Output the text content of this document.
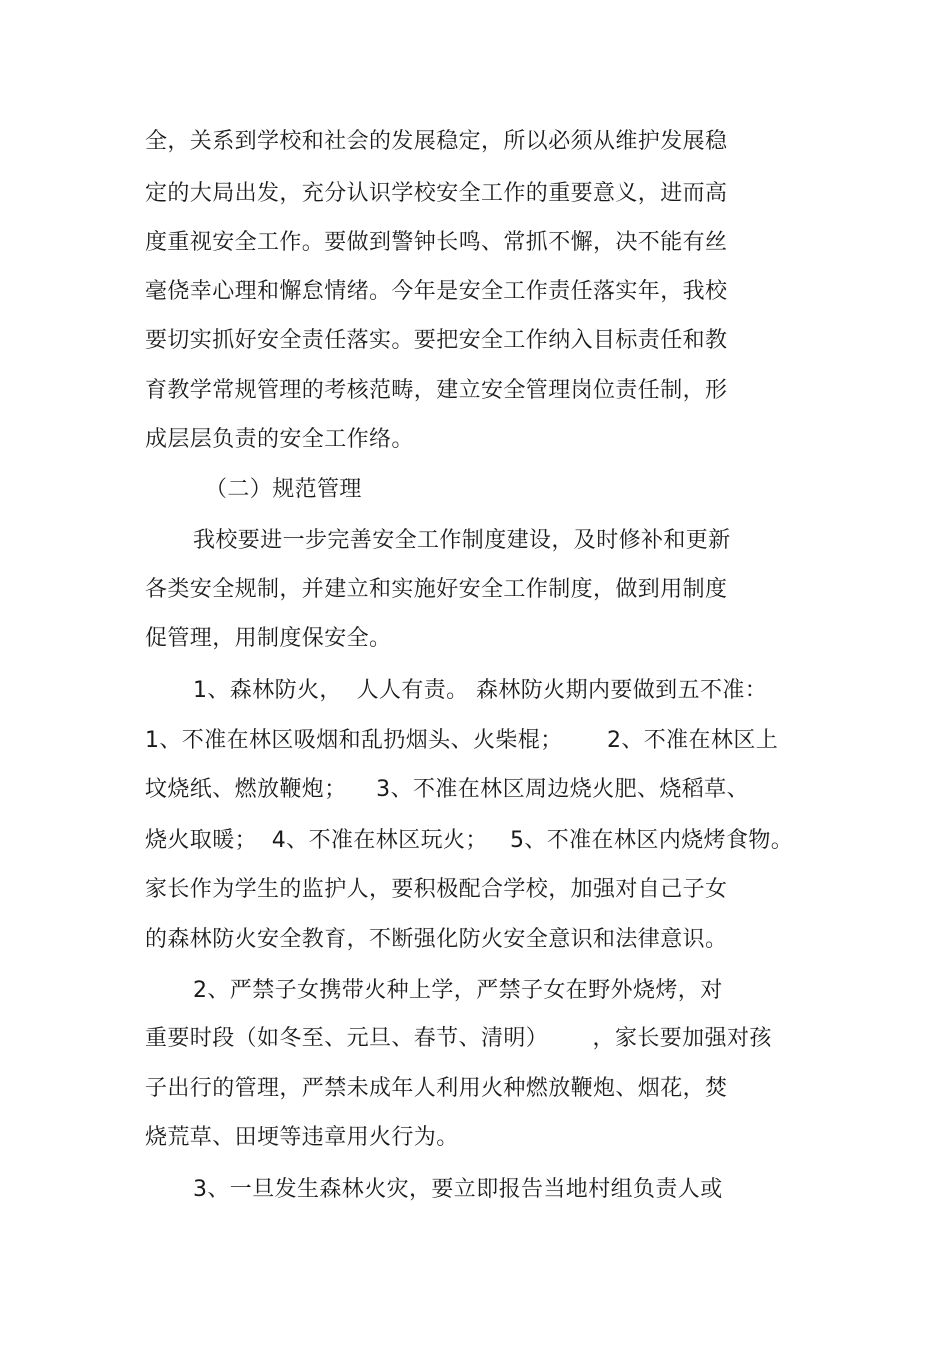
全，关系到学校和社会的发展稳定，所以必须从维护发展稳
定的大局出发，充分认识学校安全工作的重要意义，进而高
度重视安全工作。要做到警钟长鸣、常抓不懈，决不能有丝
毫侥幸心理和懈怠情绪。今年是安全工作责任落实年，我校
要切实抓好安全责任落实。要把安全工作纳入目标责任和教
育教学常规管理的考核范畴，建立安全管理岗位责任制，形
成层层负责的安全工作络。
（二）规范管理
我校要进一步完善安全工作制度建设，及时修补和更新
各类安全规制，并建立和实施好安全工作制度，做到用制度
促管理，用制度保安全。
1、森林防火，  人人有责。 森林防火期内要做到五不准：
1、不准在林区吸烟和乱扔烟头、火柴棍；      2、不准在林区上
坟烧纸、燃放鞭炮；    3、不准在林区周边烧火肥、烧稻草、
烧火取暖；  4、不准在林区玩火；   5、不准在林区内烧烤食物。
家长作为学生的监护人，要积极配合学校，加强对自己子女
的森林防火安全教育，不断强化防火安全意识和法律意识。
2、严禁子女携带火种上学，严禁子女在野外烧烤，对
重要时段（如冬至、元旦、春节、清明）      ，家长要加强对孩
子出行的管理，严禁未成年人利用火种燃放鞭炮、烟花，焚
烧荒草、田埂等违章用火行为。
3、一旦发生森林火灾，要立即报告当地村组负责人或
